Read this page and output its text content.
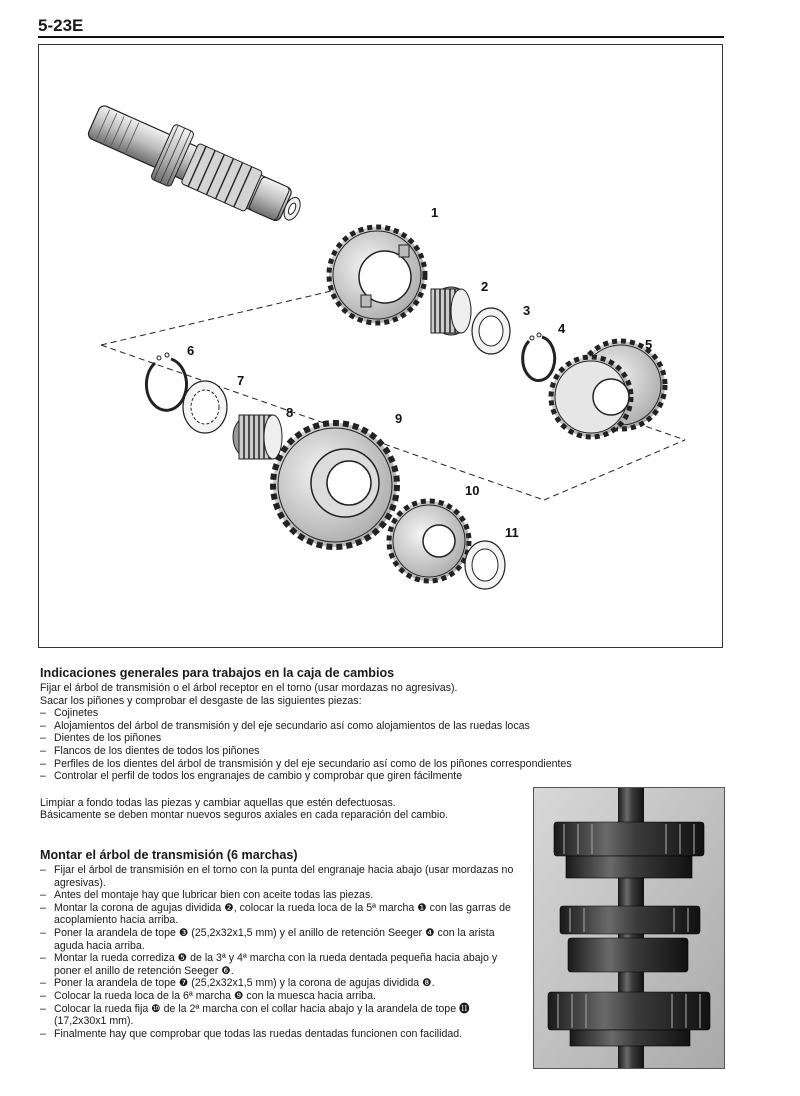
5-23E
1
2
3
4
5
6
7
8	9
10
11
Indicaciones generales para trabajos en la caja de cambios

Fijar el árbol de transmisión o el árbol receptor en el torno (usar mordazas no agresivas).

Sacar los piñones y comprobar el desgaste de las siguientes piezas:

– Cojinetes
– Alojamientos del árbol de transmisión y del eje secundario así como alojamientos de las ruedas locas
– Dientes de los piñones
– Flancos de los dientes de todos los piñones
– Perfiles de los dientes del árbol de transmisión y del eje secundario así como de los piñones correspondientes
– Controlar el perfil de todos los engranajes de cambio y comprobar que giren fácilmente

Limpiar a fondo todas las piezas y cambiar aquellas que estén defectuosas.

Básicamente se deben montar nuevos seguros axiales en cada reparación del cambio.

Montar el árbol de transmisión (6 marchas)
– Fijar el árbol de transmisión en el torno con la punta del engranaje hacia abajo (usar mordazas no agresivas).
– Antes del montaje hay que lubricar bien con aceite todas las piezas.
– Montar la corona de agujas dividida ❷, colocar la rueda loca de la 5ª marcha ❶ con las garras de acoplamiento hacia arriba.
– Poner la arandela de tope ❸ (25,2x32x1,5 mm) y el anillo de retención Seeger ❹ con la arista aguda hacia arriba.
– Montar la rueda corrediza ❺ de la 3ª y 4ª marcha con la rueda dentada pequeña hacia abajo y poner el anillo de retención Seeger ❻.
– Poner la arandela de tope ❼ (25,2x32x1,5 mm) y la corona de agujas dividida ❽.
– Colocar la rueda loca de la 6ª marcha ❾ con la muesca hacia arriba.
– Colocar la rueda fija ❿ de la 2ª marcha con el collar hacia abajo y la arandela de tope ⓫ (17,2x30x1 mm).
– Finalmente hay que comprobar que todas las ruedas dentadas funcionen con facilidad.
